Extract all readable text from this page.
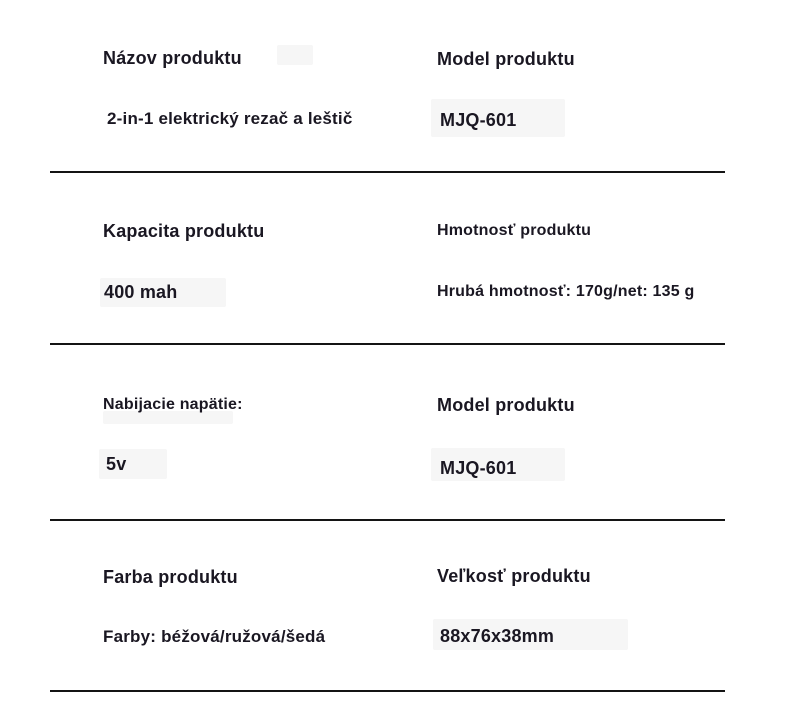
Názov produktu
2-in-1 elektrický rezač a leštič
Model produktu
MJQ-601
Kapacita produktu
400 mah
Hmotnosť produktu
Hrubá hmotnosť: 170g/net: 135 g
Nabijacie napätie:
5v
Model produktu
MJQ-601
Farba produktu
Farby: béžová/ružová/šedá
Veľkosť produktu
88x76x38mm
